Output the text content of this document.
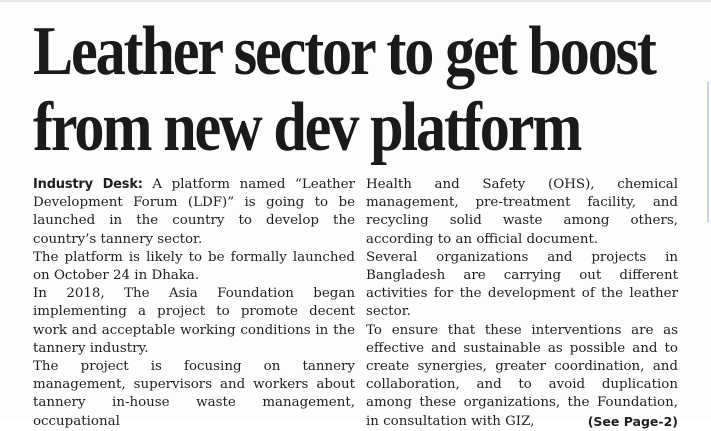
Leather sector to get boost
from new dev platform

Industry Desk: A platform named “Leather Development Forum (LDF)” is going to be launched in the country to develop the country’s tannery sector.

The platform is likely to be formally launched on October 24 in Dhaka.

In 2018, The Asia Foundation began implementing a project to promote decent work and acceptable working conditions in the tannery industry.

The project is focusing on tannery management, supervisors and workers about tannery in-house waste management, occupational

Health and Safety (OHS), chemical management, pre-treatment facility, and recycling solid waste among others, according to an official document.

Several organizations and projects in Bangladesh are carrying out different activities for the development of the leather sector.

To ensure that these interventions are as effective and sustainable as possible and to create synergies, greater coordination, and collaboration, and to avoid duplication among these organizations, the Foundation, in consultation with GIZ,	(See Page-2)
